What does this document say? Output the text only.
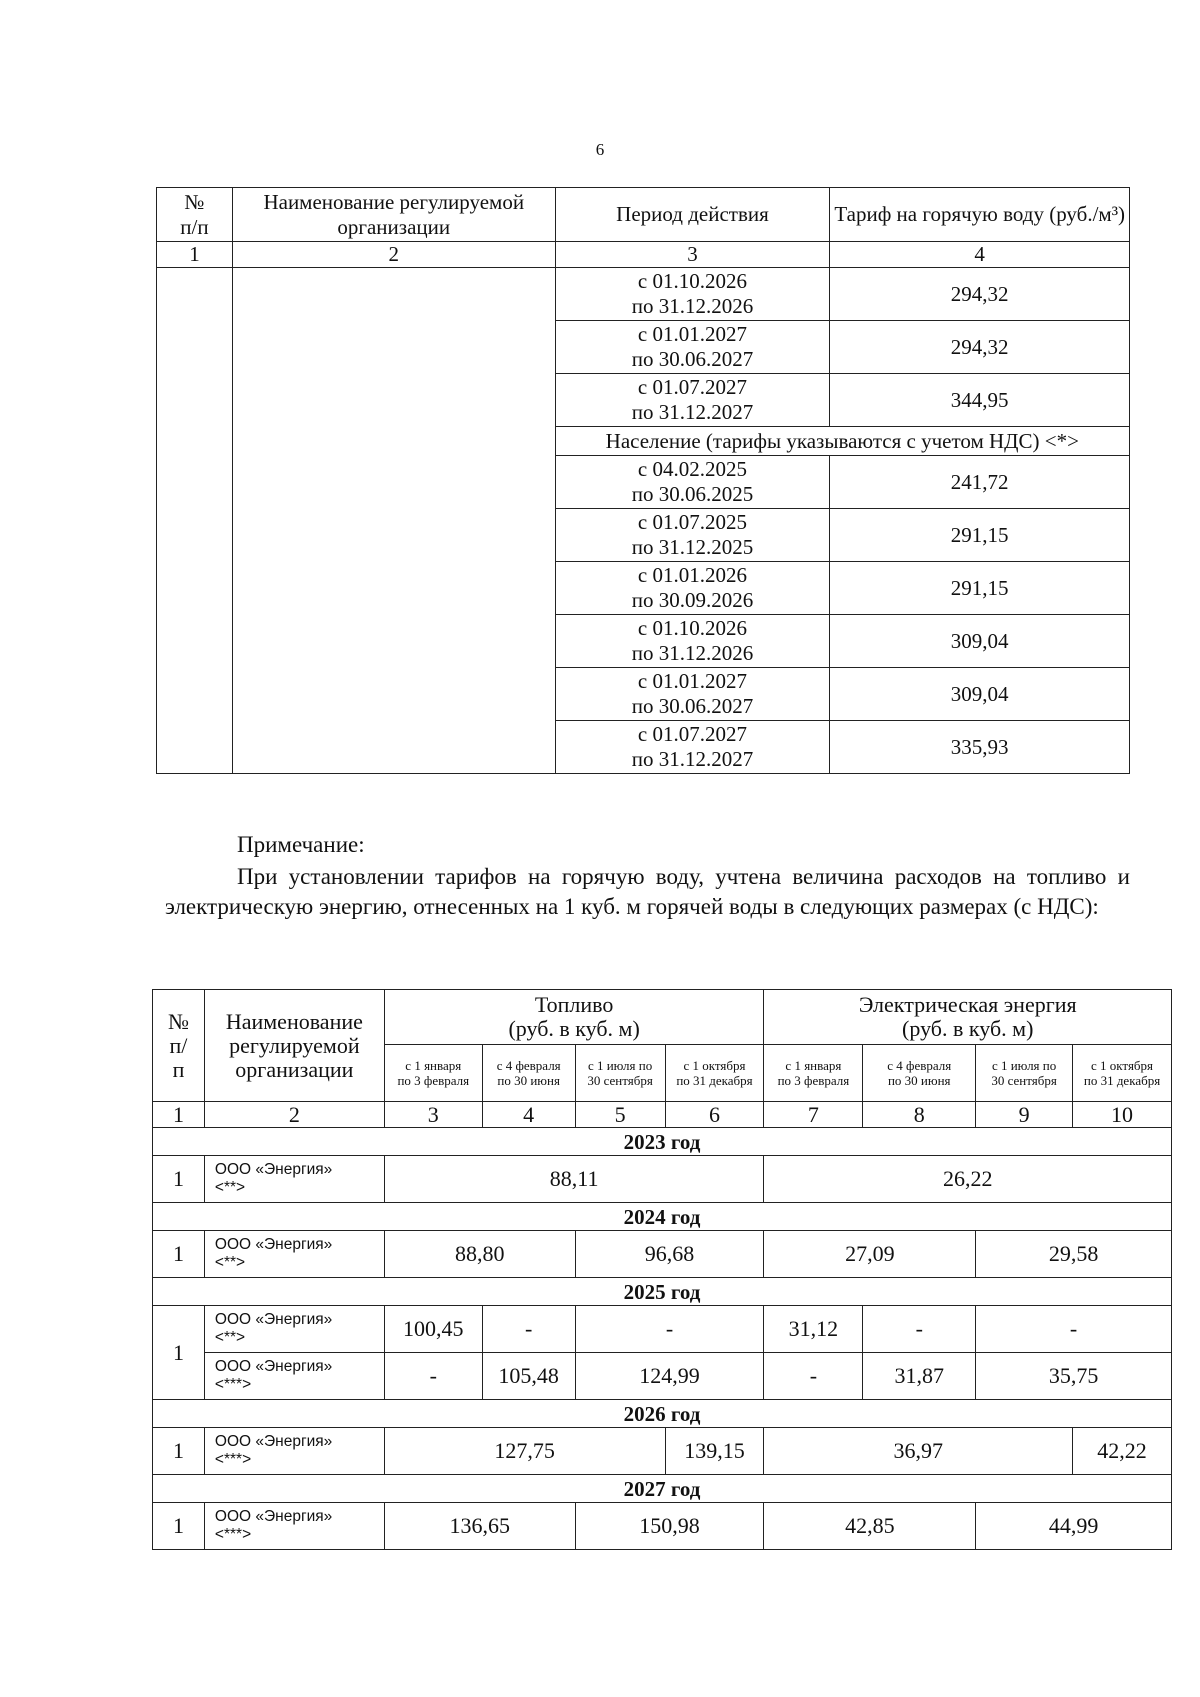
6
№
п/п	Наименование регулируемой организации	Период действия	Тариф на горячую воду (руб./м³)
1	2	3	4
		с 01.10.2026
по 31.12.2026	294,32
		с 01.01.2027
по 30.06.2027	294,32
		с 01.07.2027
по 31.12.2027	344,95
		Население (тарифы указываются с учетом НДС) <*>	
		с 04.02.2025
по 30.06.2025	241,72
		с 01.07.2025
по 31.12.2025	291,15
		с 01.01.2026
по 30.09.2026	291,15
		с 01.10.2026
по 31.12.2026	309,04
		с 01.01.2027
по 30.06.2027	309,04
		с 01.07.2027
по 31.12.2027	335,93
Примечание:
При установлении тарифов на горячую воду, учтена величина расходов на топливо и электрическую энергию, отнесенных на 1 куб. м горячей воды в следующих размерах (с НДС):
№
п/
п	Наименование регулируемой организации	Топливо
(руб. в куб. м)				Электрическая энергия
(руб. в куб. м)			
		с 1 января
по 3 февраля	с 4 февраля
по 30 июня	с 1 июля по
30 сентября	с 1 октября
по 31 декабря	с 1 января
по 3 февраля	с 4 февраля
по 30 июня	с 1 июля по
30 сентября	с 1 октября
по 31 декабря
1	2	3	4	5	6	7	8	9	10
2023 год									
1	ООО «Энергия»
<**>	88,11				26,22			
2024 год									
1	ООО «Энергия»
<**>	88,80		96,68		27,09		29,58	
2025 год									
1	ООО «Энергия»
<**>	100,45	-	-		31,12	-	-	
	ООО «Энергия»
<***>	-	105,48	124,99		-	31,87	35,75	
2026 год									
1	ООО «Энергия»
<***>	127,75			139,15	36,97			42,22
2027 год									
1	ООО «Энергия»
<***>	136,65		150,98		42,85		44,99	
